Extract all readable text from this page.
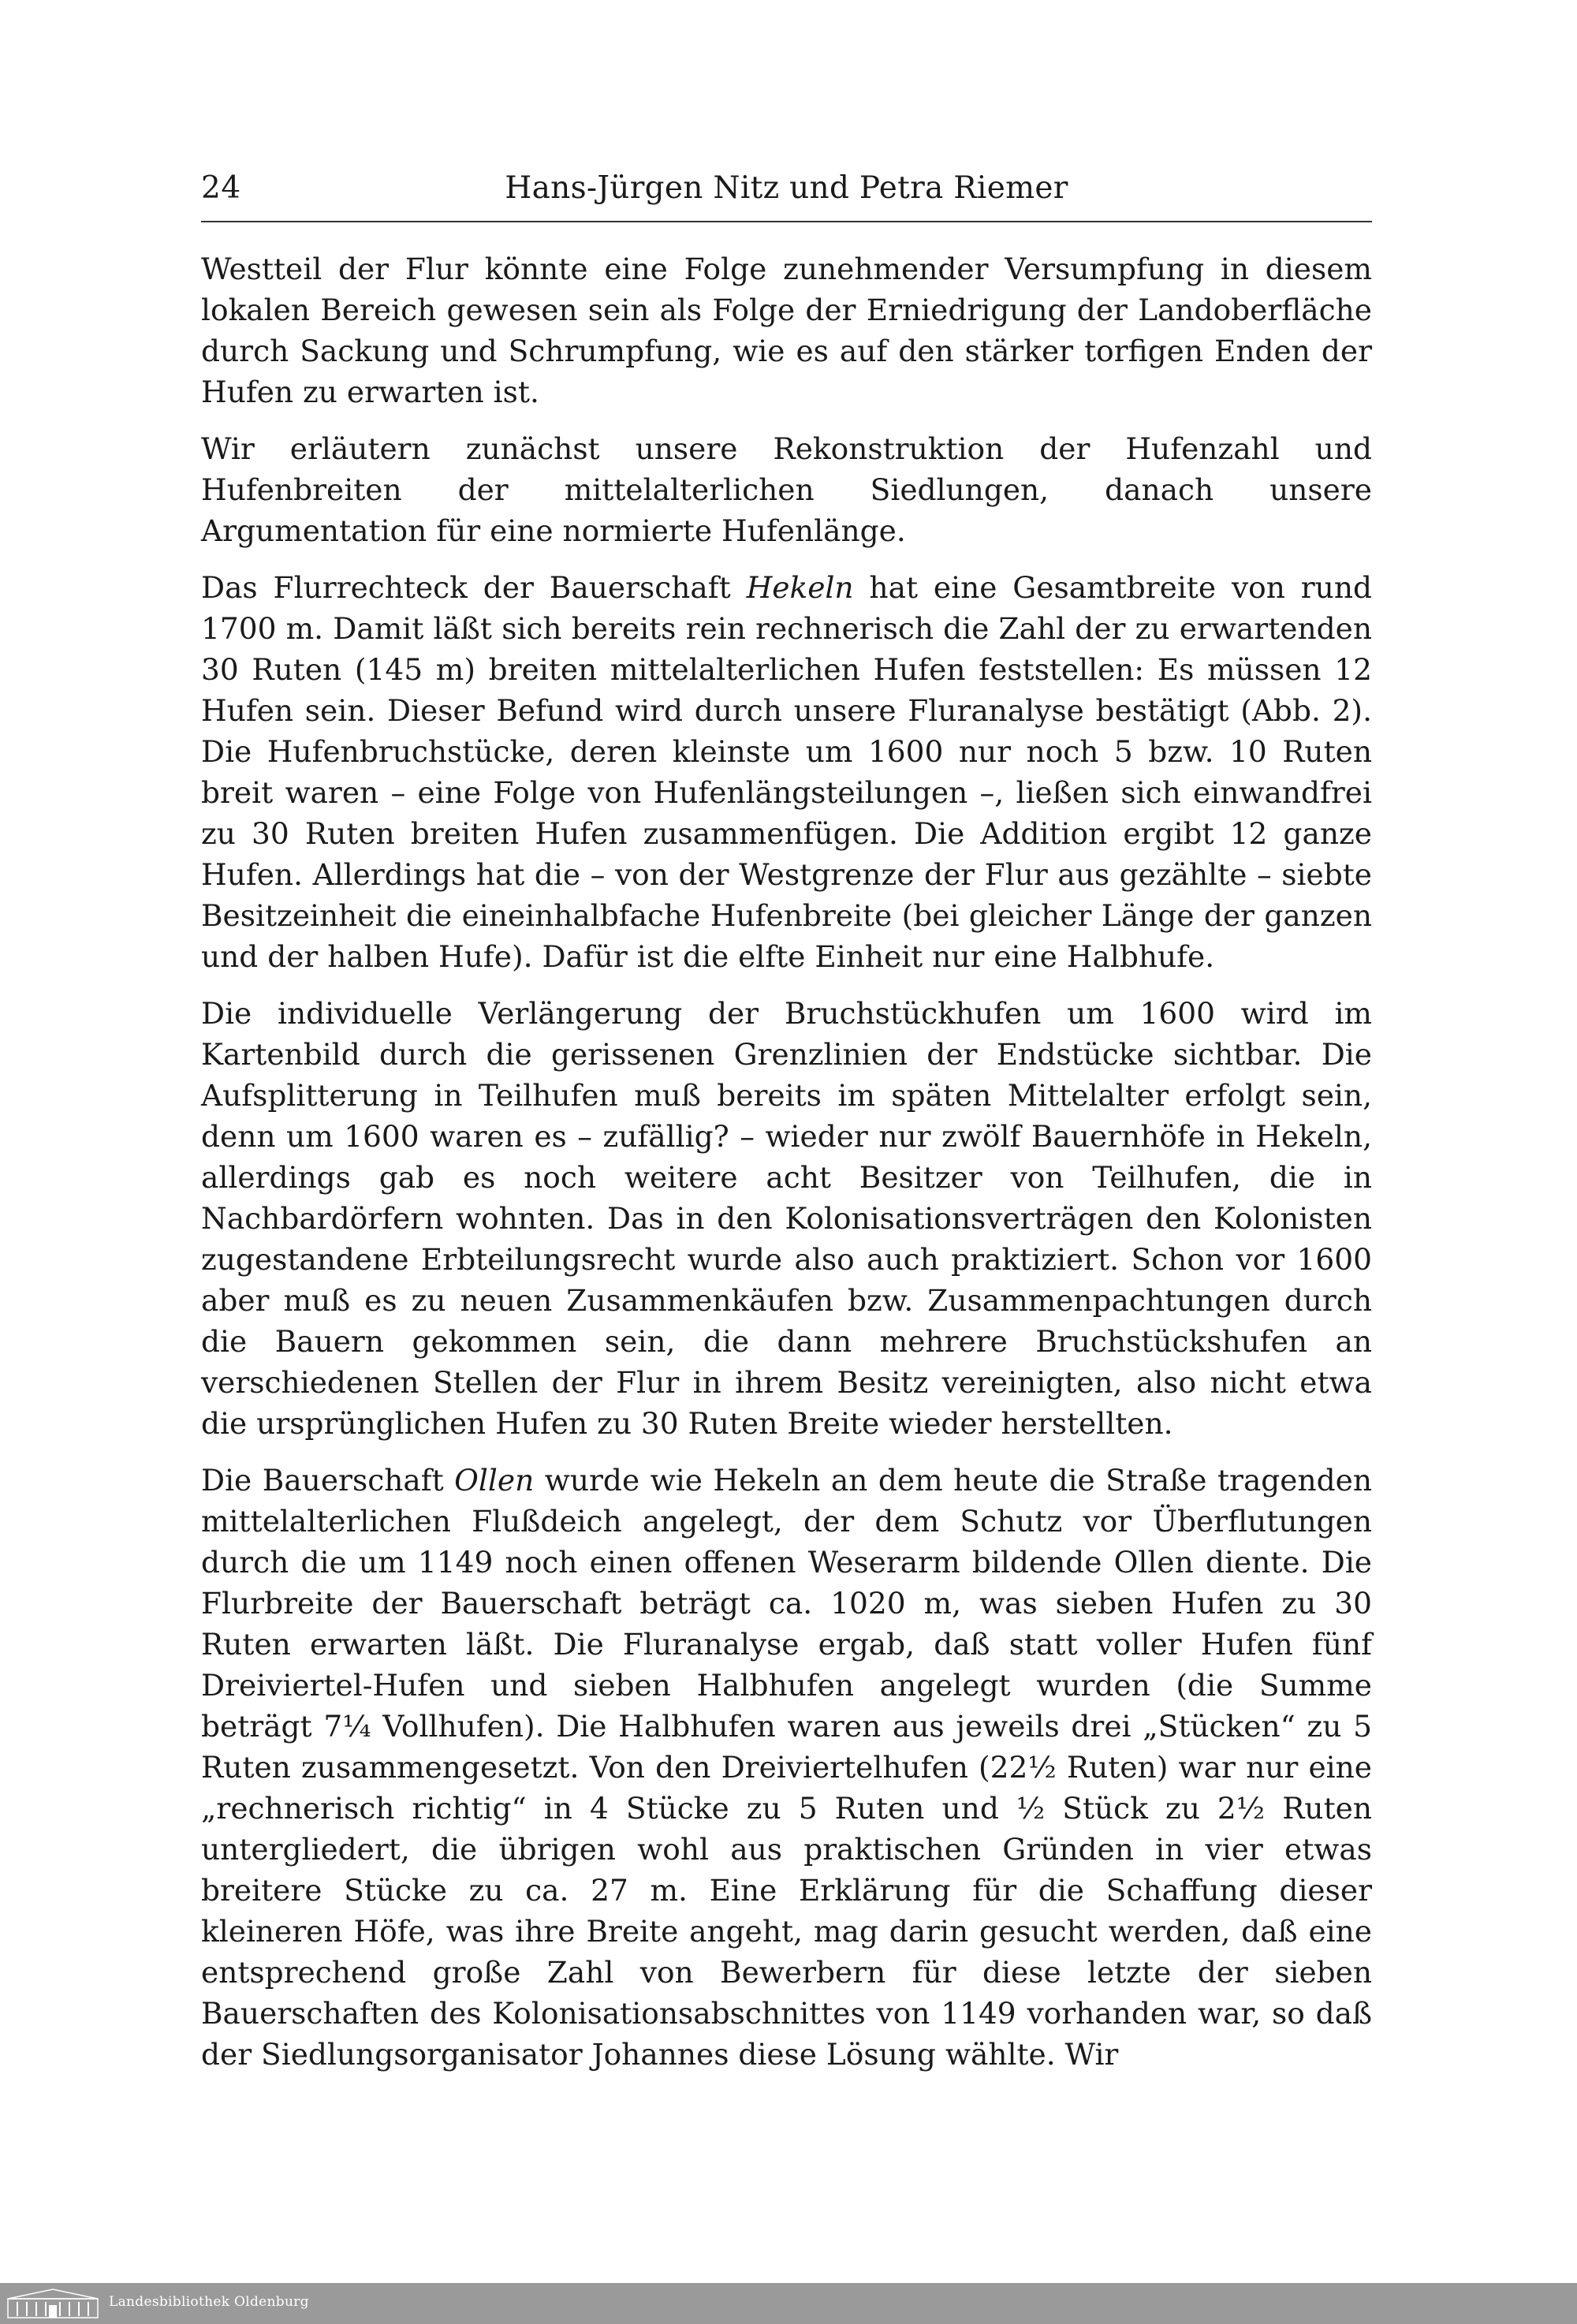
24	Hans-Jürgen Nitz und Petra Riemer

Westteil der Flur könnte eine Folge zunehmender Versumpfung in diesem lokalen Bereich gewesen sein als Folge der Erniedrigung der Landoberfläche durch Sackung und Schrumpfung, wie es auf den stärker torfigen Enden der Hufen zu erwarten ist.

Wir erläutern zunächst unsere Rekonstruktion der Hufenzahl und Hufenbreiten der mittelalterlichen Siedlungen, danach unsere Argumentation für eine normierte Hufenlänge.

Das Flurrechteck der Bauerschaft Hekeln hat eine Gesamtbreite von rund 1700 m. Damit läßt sich bereits rein rechnerisch die Zahl der zu erwartenden 30 Ruten (145 m) breiten mittelalterlichen Hufen feststellen: Es müssen 12 Hufen sein. Dieser Befund wird durch unsere Fluranalyse bestätigt (Abb. 2). Die Hufenbruchstücke, deren kleinste um 1600 nur noch 5 bzw. 10 Ruten breit waren – eine Folge von Hufenlängsteilungen –, ließen sich einwandfrei zu 30 Ruten breiten Hufen zusammenfügen. Die Addition ergibt 12 ganze Hufen. Allerdings hat die – von der Westgrenze der Flur aus gezählte – siebte Besitzeinheit die eineinhalbfache Hufenbreite (bei gleicher Länge der ganzen und der halben Hufe). Dafür ist die elfte Einheit nur eine Halbhufe.

Die individuelle Verlängerung der Bruchstückhufen um 1600 wird im Kartenbild durch die gerissenen Grenzlinien der Endstücke sichtbar. Die Aufsplitterung in Teilhufen muß bereits im späten Mittelalter erfolgt sein, denn um 1600 waren es – zufällig? – wieder nur zwölf Bauernhöfe in Hekeln, allerdings gab es noch weitere acht Besitzer von Teilhufen, die in Nachbardörfern wohnten. Das in den Kolonisationsverträgen den Kolonisten zugestandene Erbteilungsrecht wurde also auch praktiziert. Schon vor 1600 aber muß es zu neuen Zusammenkäufen bzw. Zusammenpachtungen durch die Bauern gekommen sein, die dann mehrere Bruchstückshufen an verschiedenen Stellen der Flur in ihrem Besitz vereinigten, also nicht etwa die ursprünglichen Hufen zu 30 Ruten Breite wieder herstellten.

Die Bauerschaft Ollen wurde wie Hekeln an dem heute die Straße tragenden mittelalterlichen Flußdeich angelegt, der dem Schutz vor Überflutungen durch die um 1149 noch einen offenen Weserarm bildende Ollen diente. Die Flurbreite der Bauerschaft beträgt ca. 1020 m, was sieben Hufen zu 30 Ruten erwarten läßt. Die Fluranalyse ergab, daß statt voller Hufen fünf Dreiviertel-Hufen und sieben Halbhufen angelegt wurden (die Summe beträgt 7¼ Vollhufen). Die Halbhufen waren aus jeweils drei „Stücken“ zu 5 Ruten zusammengesetzt. Von den Dreiviertelhufen (22½ Ruten) war nur eine „rechnerisch richtig“ in 4 Stücke zu 5 Ruten und ½ Stück zu 2½ Ruten untergliedert, die übrigen wohl aus praktischen Gründen in vier etwas breitere Stücke zu ca. 27 m. Eine Erklärung für die Schaffung dieser kleineren Höfe, was ihre Breite angeht, mag darin gesucht werden, daß eine entsprechend große Zahl von Bewerbern für diese letzte der sieben Bauerschaften des Kolonisationsabschnittes von 1149 vorhanden war, so daß der Siedlungsorganisator Johannes diese Lösung wählte. Wir

Landesbibliothek Oldenburg
